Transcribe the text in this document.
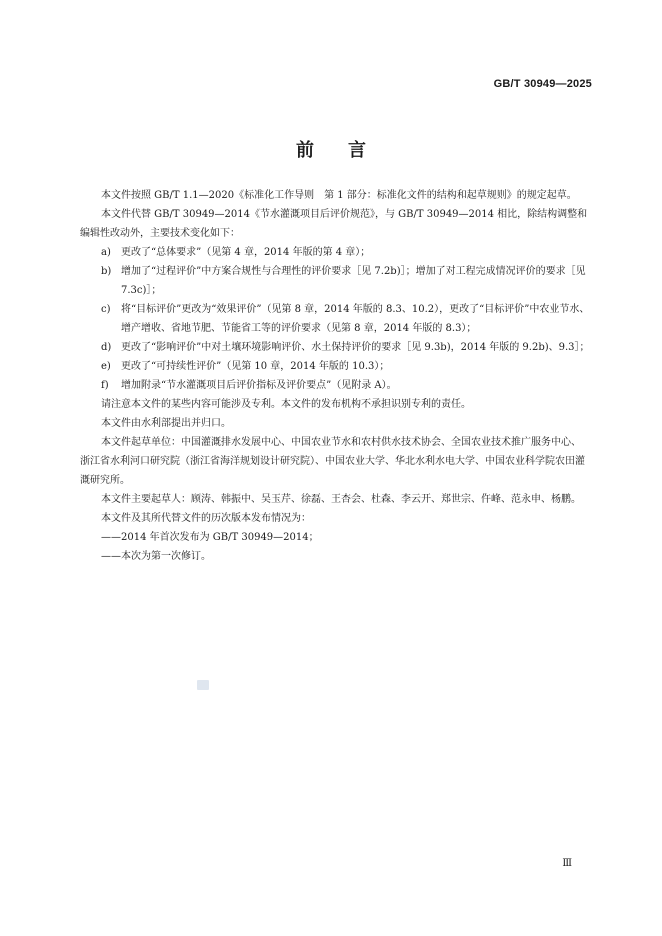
GB/T 30949—2025
前言

本文件按照 GB/T 1.1—2020《标准化工作导则　第 1 部分：标准化文件的结构和起草规则》的规定起草。

本文件代替 GB/T 30949—2014《节水灌溉项目后评价规范》，与 GB/T 30949—2014 相比，除结构调整和编辑性改动外，主要技术变化如下：

a) 更改了“总体要求”（见第 4 章，2014 年版的第 4 章）；
b) 增加了“过程评价”中方案合规性与合理性的评价要求［见 7.2b)］；增加了对工程完成情况评价的要求［见 7.3c)］；
c) 将“目标评价”更改为“效果评价”（见第 8 章，2014 年版的 8.3、10.2），更改了“目标评价”中农业节水、增产增收、省地节肥、节能省工等的评价要求（见第 8 章，2014 年版的 8.3）；
d) 更改了“影响评价”中对土壤环境影响评价、水土保持评价的要求［见 9.3b)，2014 年版的 9.2b)、9.3］；
e) 更改了“可持续性评价”（见第 10 章，2014 年版的 10.3）；
f) 增加附录“节水灌溉项目后评价指标及评价要点”（见附录 A）。

请注意本文件的某些内容可能涉及专利。本文件的发布机构不承担识别专利的责任。

本文件由水利部提出并归口。

本文件起草单位：中国灌溉排水发展中心、中国农业节水和农村供水技术协会、全国农业技术推广服务中心、浙江省水利河口研究院（浙江省海洋规划设计研究院）、中国农业大学、华北水利水电大学、中国农业科学院农田灌溉研究所。

本文件主要起草人：顾涛、韩振中、吴玉芹、徐磊、王杏会、杜森、李云开、郑世宗、仵峰、范永申、杨鹏。

本文件及其所代替文件的历次版本发布情况为：

——2014 年首次发布为 GB/T 30949—2014；
——本次为第一次修订。
Ⅲ
